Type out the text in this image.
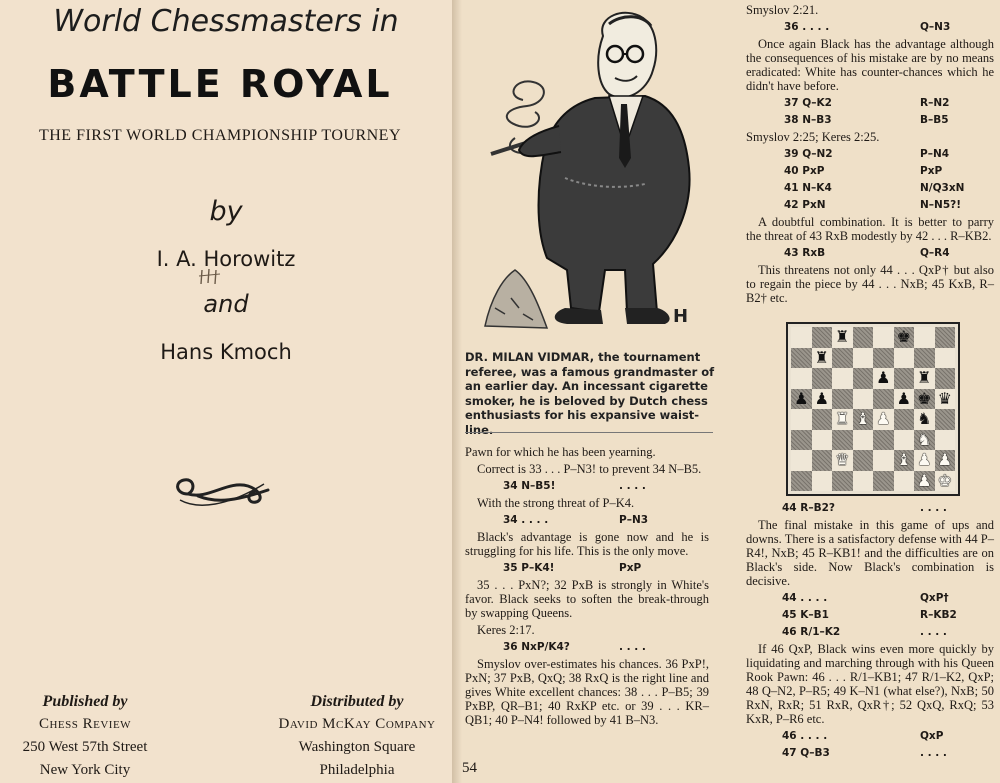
World Chessmasters in
BATTLE ROYAL
THE FIRST WORLD CHAMPIONSHIP TOURNEY
by
I. A. Horowitz
and
Hans Kmoch
Published by
Chess Review
250 West 57th Street
New York City
Distributed by
David McKay Company
Washington Square
Philadelphia
H

DR. MILAN VIDMAR, the tournament referee, was a famous grandmaster of an earlier day. An incessant cigarette smoker, he is beloved by Dutch chess enthusiasts for his expansive waist-line.

Pawn for which he has been yearning.

Correct is 33 . . . P–N3! to prevent 34 N–B5.

34 N–B5!	. . . .

With the strong threat of P–K4.

34 . . . .	P–N3

Black's advantage is gone now and he is struggling for his life. This is the only move.

35 P–K4!	PxP

35 . . . PxN?; 32 PxB is strongly in White's favor. Black seeks to soften the break-through by swapping Queens.

Keres 2:17.

36 NxP/K4?	. . . .

Smyslov over-estimates his chances. 36 PxP!, PxN; 37 PxB, QxQ; 38 RxQ is the right line and gives White excellent chances: 38 . . . P–B5; 39 PxBP, QR–B1; 40 RxKP etc. or 39 . . . KR–QB1; 40 P–N4! followed by 41 B–N3.

Smyslov 2:21.

36 . . . .	Q–N3

Once again Black has the advantage although the consequences of his mistake are by no means eradicated: White has counter-chances which he didn't have before.

37 Q–K2	R–N2
38 N–B3	B–B5

Smyslov 2:25; Keres 2:25.

39 Q–N2	P–N4
40 PxP	PxP
41 N–K4	N/Q3xN
42 PxN	N–N5?!

A doubtful combination. It is better to parry the threat of 43 RxB modestly by 42 . . . R–KB2.

43 RxB	Q–R4

This threatens not only 44 . . . QxP† but also to regain the piece by 44 . . . NxB; 45 KxB, R–B2† etc.

♜	♚
♜
♟ ♜
♟ ♟	♟ ♚ ♛
♜ ♝ ♟ ♞
♞
♛	♝ ♟ ♟
♟ ♚
44 R–B2?	. . . .

The final mistake in this game of ups and downs. There is a satisfactory defense with 44 P–R4!, NxB; 45 R–KB1! and the difficulties are on Black's side. Now Black's combination is decisive.

44 . . . .	QxP†
45 K–B1	R–KB2
46 R/1–K2	. . . .

If 46 QxP, Black wins even more quickly by liquidating and marching through with his Queen Rook Pawn: 46 . . . R/1–KB1; 47 R/1–K2, QxP; 48 Q–N2, P–R5; 49 K–N1 (what else?), NxB; 50 RxN, RxR; 51 RxR, QxR†; 52 QxQ, RxQ; 53 KxR, P–R6 etc.

46 . . . .	QxP
47 Q–B3	. . . .
54
